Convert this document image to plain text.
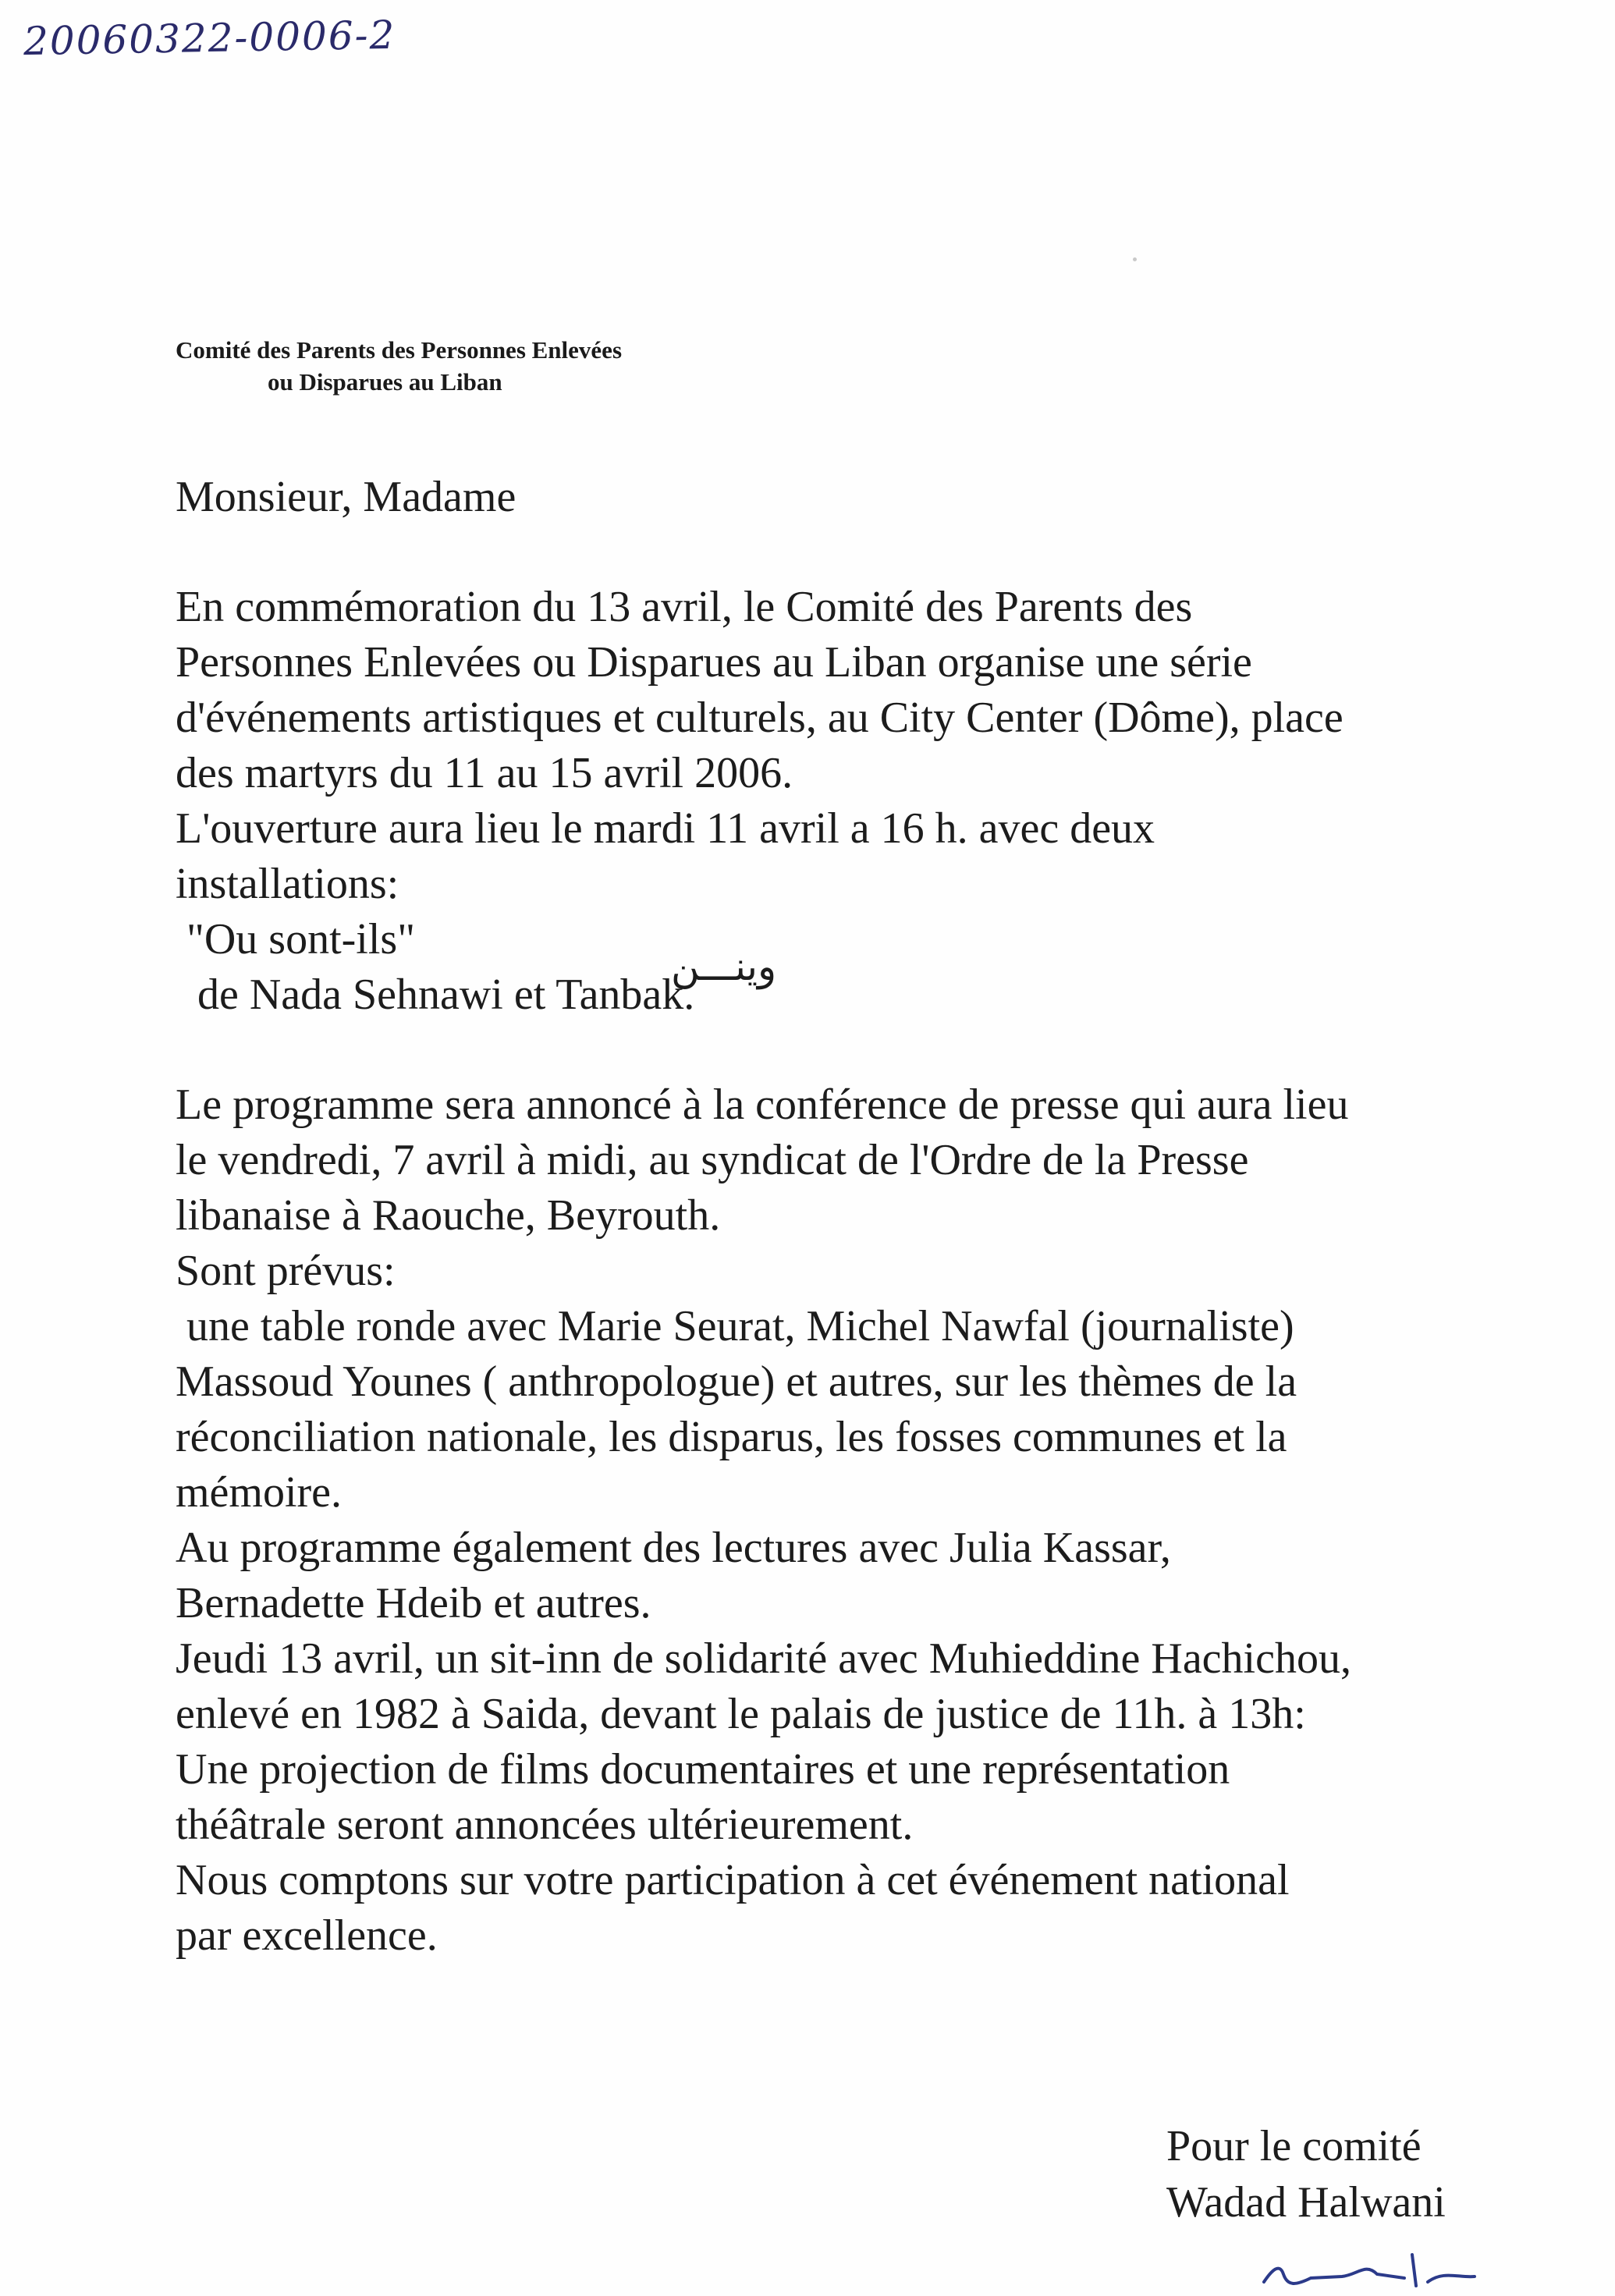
20060322-0006-2
Comité des Parents des Personnes Enlevées
ou Disparues au Liban

Monsieur, Madame

En commémoration du 13 avril, le Comité des Parents des

Personnes Enlevées ou Disparues au Liban organise une série

d'événements artistiques et culturels, au City Center (Dôme), place

des martyrs du 11 au 15 avril 2006.

L'ouverture aura lieu le mardi 11 avril a 16 h. avec deux

installations:

"Ou sont-ils"

de Nada Sehnawi et Tanbak.

Le programme sera annoncé à la conférence de presse qui aura lieu

le vendredi, 7 avril à midi, au syndicat de l'Ordre de la Presse

libanaise à Raouche, Beyrouth.

Sont prévus:

une table ronde avec Marie Seurat, Michel Nawfal (journaliste)

Massoud Younes ( anthropologue) et autres, sur les thèmes de la

réconciliation nationale, les disparus, les fosses communes et la

mémoire.

Au programme également des lectures avec Julia Kassar,

Bernadette Hdeib et autres.

Jeudi 13 avril, un sit-inn de solidarité avec Muhieddine Hachichou,

enlevé en 1982 à Saida, devant le palais de justice de 11h. à 13h:

Une projection de films documentaires et une représentation

théâtrale seront annoncées ultérieurement.

Nous comptons sur votre participation à cet événement national

par excellence.

وينـــن

Pour le comité

Wadad Halwani
